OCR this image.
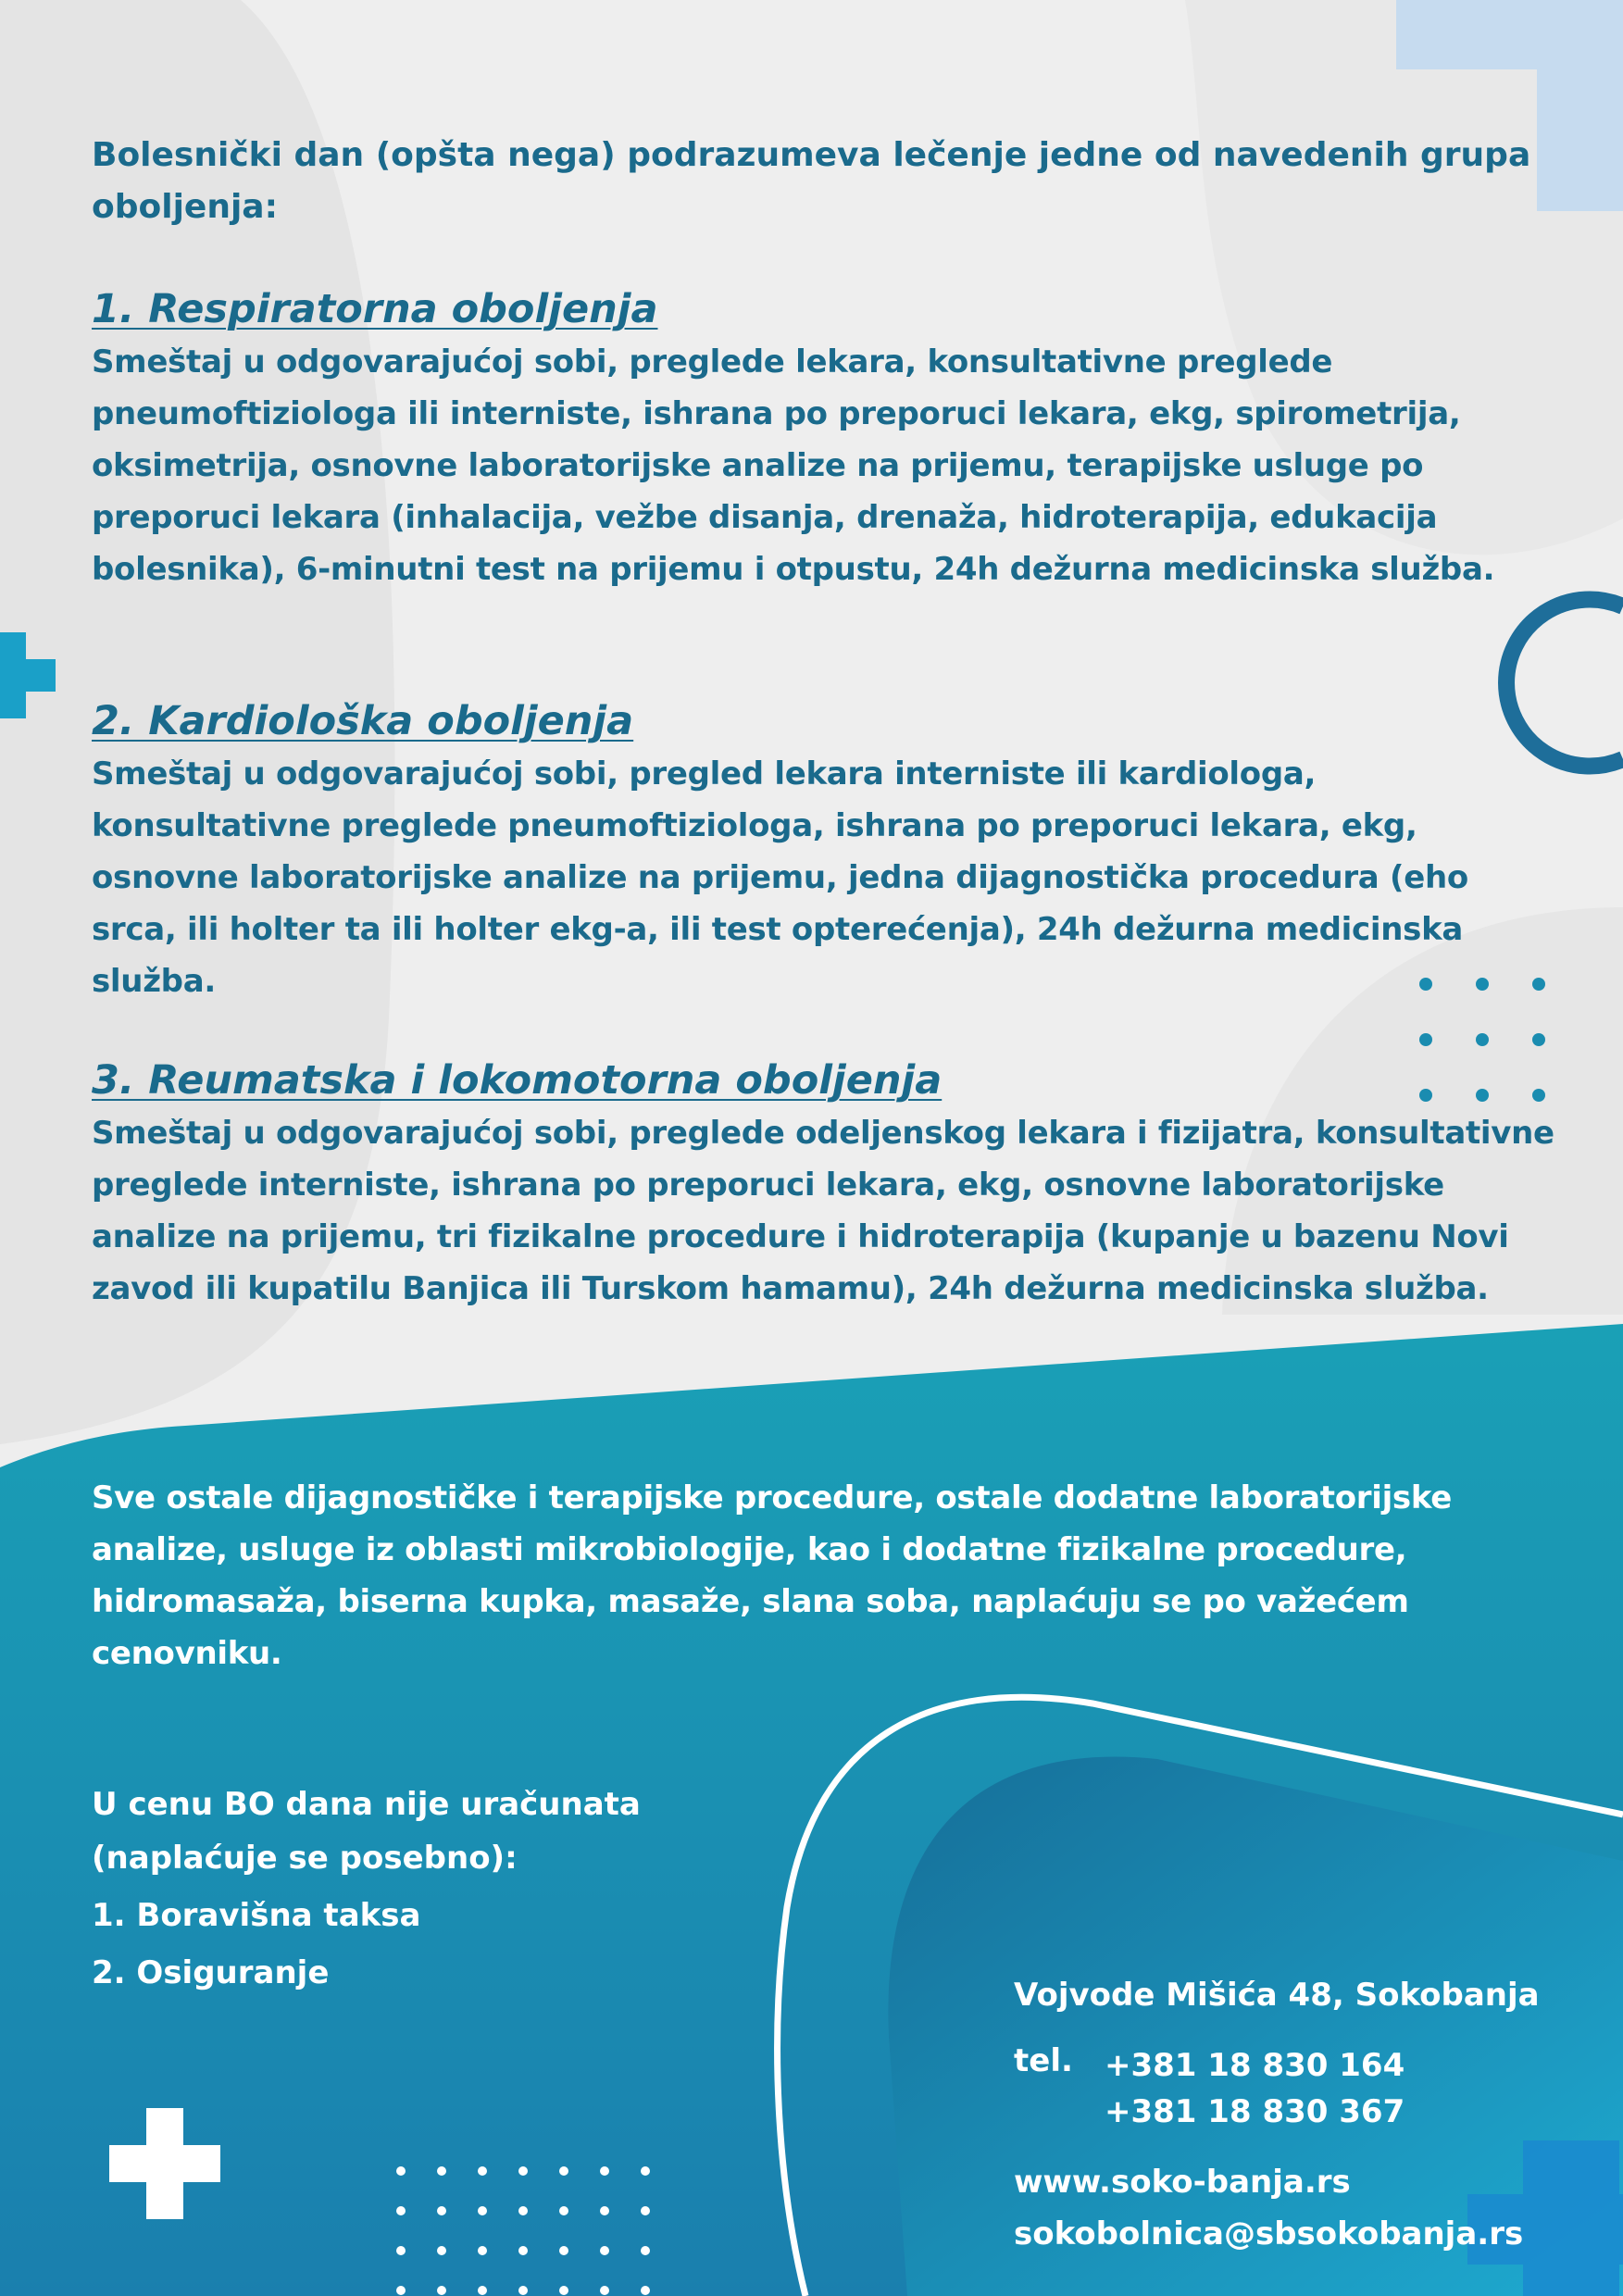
Bolesnički dan (opšta nega) podrazumeva lečenje jedne od navedenih grupa oboljenja:

1. Respiratorna oboljenja

Smeštaj u odgovarajućoj sobi, preglede lekara, konsultativne preglede pneumoftiziologa ili interniste, ishrana po preporuci lekara, ekg, spirometrija, oksimetrija, osnovne laboratorijske analize na prijemu, terapijske usluge po preporuci lekara (inhalacija, vežbe disanja, drenaža, hidroterapija, edukacija bolesnika), 6-minutni test na prijemu i otpustu, 24h dežurna medicinska služba.

2. Kardiološka oboljenja

Smeštaj u odgovarajućoj sobi, pregled lekara interniste ili kardiologa, konsultativne preglede pneumoftiziologa, ishrana po preporuci lekara, ekg, osnovne laboratorijske analize na prijemu, jedna dijagnostička procedura (eho srca, ili holter ta ili holter ekg-a, ili test opterećenja), 24h dežurna medicinska služba.

3. Reumatska i lokomotorna oboljenja

Smeštaj u odgovarajućoj sobi, preglede odeljenskog lekara i fizijatra, konsultativne preglede interniste, ishrana po preporuci lekara, ekg, osnovne laboratorijske analize na prijemu, tri fizikalne procedure i hidroterapija (kupanje u bazenu Novi zavod ili kupatilu Banjica ili Turskom hamamu), 24h dežurna medicinska služba.

Sve ostale dijagnostičke i terapijske procedure, ostale dodatne laboratorijske analize, usluge iz oblasti mikrobiologije, kao i dodatne fizikalne procedure, hidromasaža, biserna kupka, masaže, slana soba, naplaćuju se po važećem cenovniku.

U cenu BO dana nije uračunata
(naplaćuje se posebno):
1. Boravišna taksa
2. Osiguranje
Vojvode Mišića 48, Sokobanja
tel.	+381 18 830 164
+381 18 830 367
www.soko-banja.rs
sokobolnica@sbsokobanja.rs
